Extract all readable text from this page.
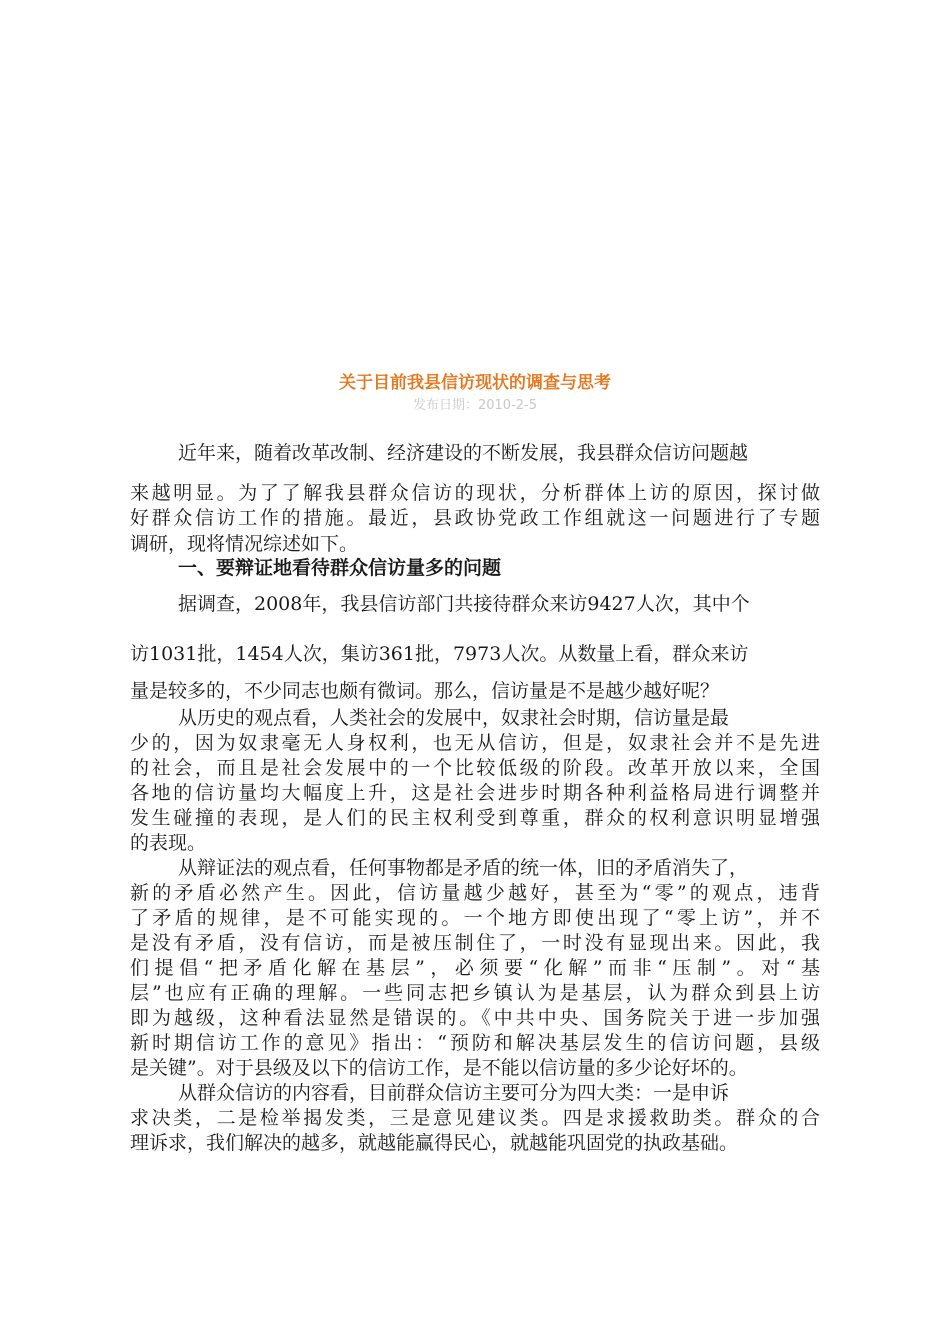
关于目前我县信访现状的调查与思考
发布日期：2010-2-5
近年来，随着改革改制、经济建设的不断发展，我县群众信访问题越
来越明显。为了了解我县群众信访的现状，分析群体上访的原因，探讨做
好群众信访工作的措施。最近，县政协党政工作组就这一问题进行了专题
调研，现将情况综述如下。
一、要辩证地看待群众信访量多的问题
据调查，2008年，我县信访部门共接待群众来访9427人次，其中个
访1031批，1454人次，集访361批，7973人次。从数量上看，群众来访
量是较多的，不少同志也颇有微词。那么，信访量是不是越少越好呢？
从历史的观点看，人类社会的发展中，奴隶社会时期，信访量是最
少的，因为奴隶毫无人身权利，也无从信访，但是，奴隶社会并不是先进
的社会，而且是社会发展中的一个比较低级的阶段。改革开放以来，全国
各地的信访量均大幅度上升，这是社会进步时期各种利益格局进行调整并
发生碰撞的表现，是人们的民主权利受到尊重，群众的权利意识明显增强
的表现。
从辩证法的观点看，任何事物都是矛盾的统一体，旧的矛盾消失了，
新的矛盾必然产生。因此，信访量越少越好，甚至为“零”的观点，违背
了矛盾的规律，是不可能实现的。一个地方即使出现了“零上访”，并不
是没有矛盾，没有信访，而是被压制住了，一时没有显现出来。因此，我
们提倡“把矛盾化解在基层”，必须要“化解”而非“压制”。对“基
层”也应有正确的理解。一些同志把乡镇认为是基层，认为群众到县上访
即为越级，这种看法显然是错误的。《中共中央、国务院关于进一步加强
新时期信访工作的意见》指出：“预防和解决基层发生的信访问题，县级
是关键”。对于县级及以下的信访工作，是不能以信访量的多少论好坏的。
从群众信访的内容看，目前群众信访主要可分为四大类：一是申诉
求决类，二是检举揭发类，三是意见建议类。四是求援救助类。群众的合
理诉求，我们解决的越多，就越能赢得民心，就越能巩固党的执政基础。
